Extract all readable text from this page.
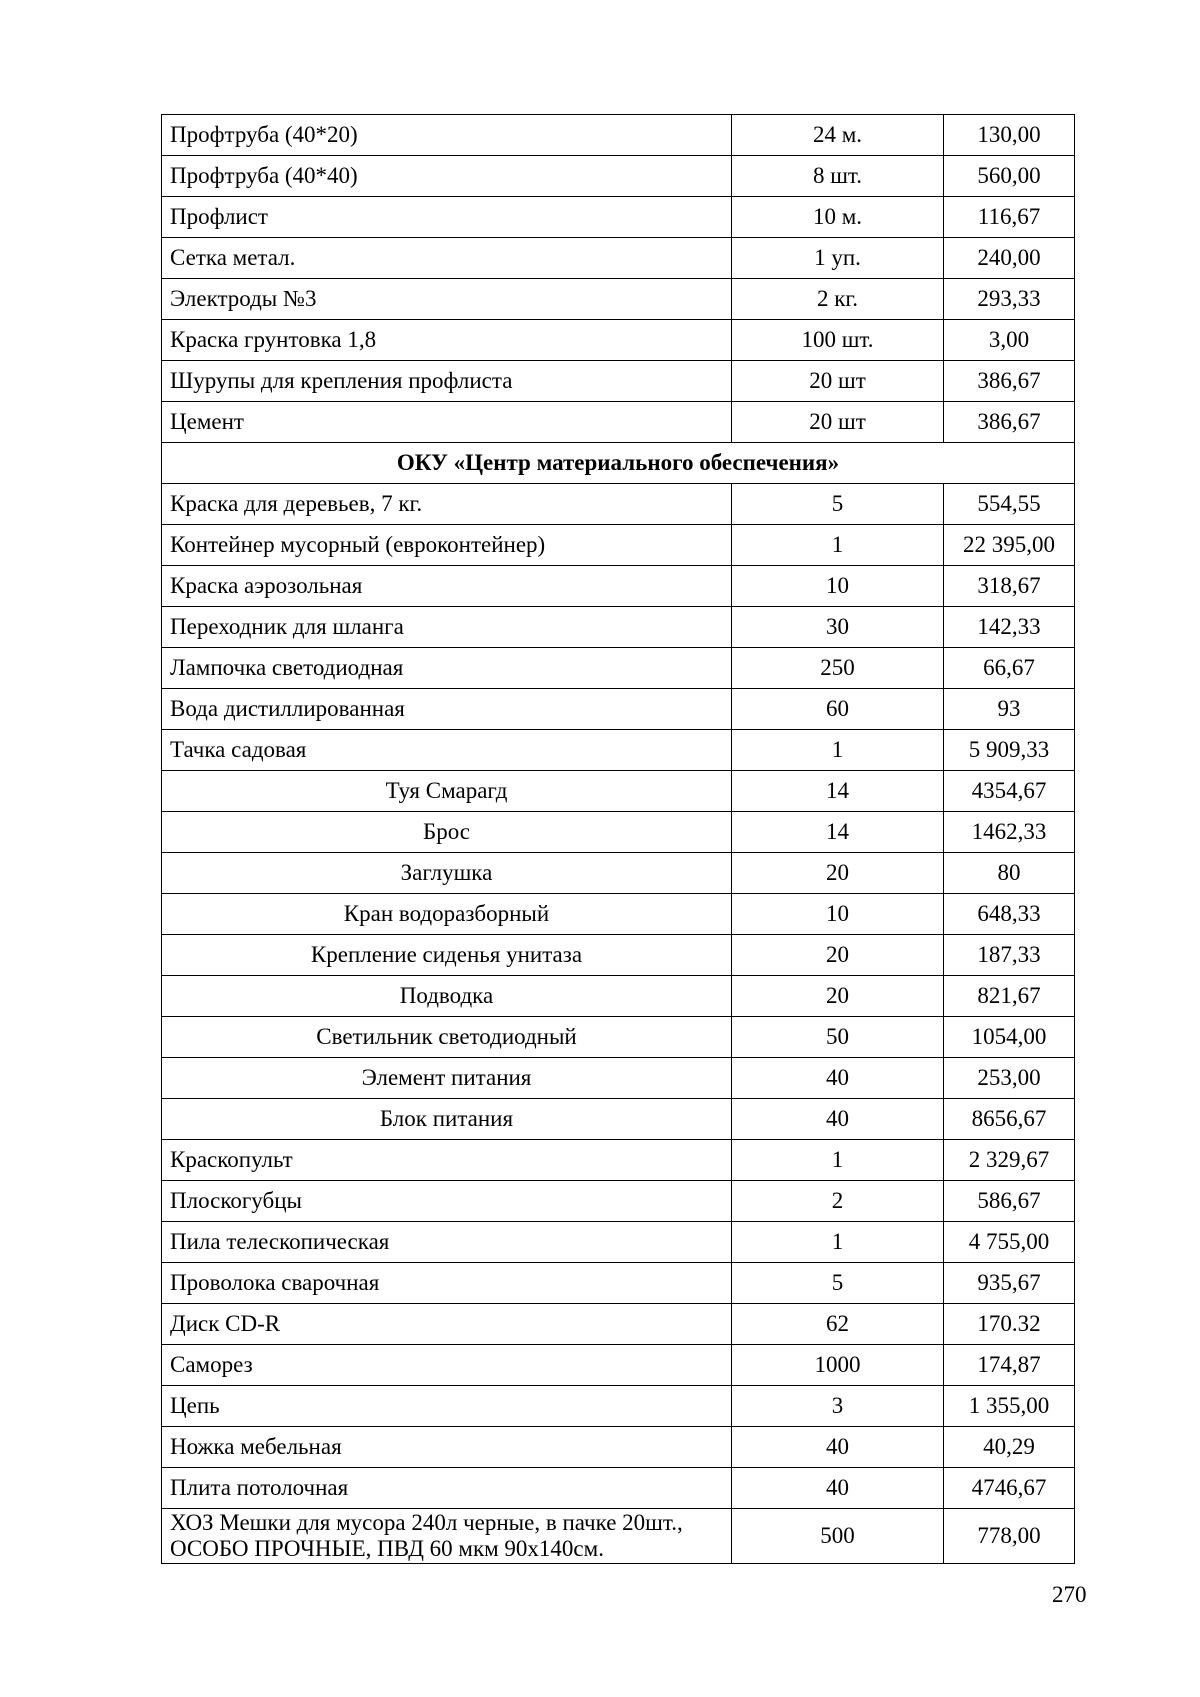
Профтруба (40*20)	24 м.	130,00
Профтруба (40*40)	8 шт.	560,00
Профлист	10 м.	116,67
Сетка метал.	1 уп.	240,00
Электроды №3	2 кг.	293,33
Краска грунтовка 1,8	100 шт.	3,00
Шурупы для крепления профлиста	20 шт	386,67
Цемент	20 шт	386,67
ОКУ «Центр материального обеспечения»		
Краска для деревьев, 7 кг.	5	554,55
Контейнер мусорный (евроконтейнер)	1	22 395,00
Краска аэрозольная	10	318,67
Переходник для шланга	30	142,33
Лампочка светодиодная	250	66,67
Вода дистиллированная	60	93
Тачка садовая	1	5 909,33
Туя Смарагд	14	4354,67
Брос	14	1462,33
Заглушка	20	80
Кран водоразборный	10	648,33
Крепление сиденья унитаза	20	187,33
Подводка	20	821,67
Светильник светодиодный	50	1054,00
Элемент питания	40	253,00
Блок питания	40	8656,67
Краскопульт	1	2 329,67
Плоскогубцы	2	586,67
Пила телескопическая	1	4 755,00
Проволока сварочная	5	935,67
Диск CD-R	62	170.32
Саморез	1000	174,87
Цепь	3	1 355,00
Ножка мебельная	40	40,29
Плита потолочная	40	4746,67
ХОЗ Мешки для мусора 240л черные, в пачке 20шт., ОСОБО ПРОЧНЫЕ, ПВД 60 мкм 90х140см.	500	778,00
270
